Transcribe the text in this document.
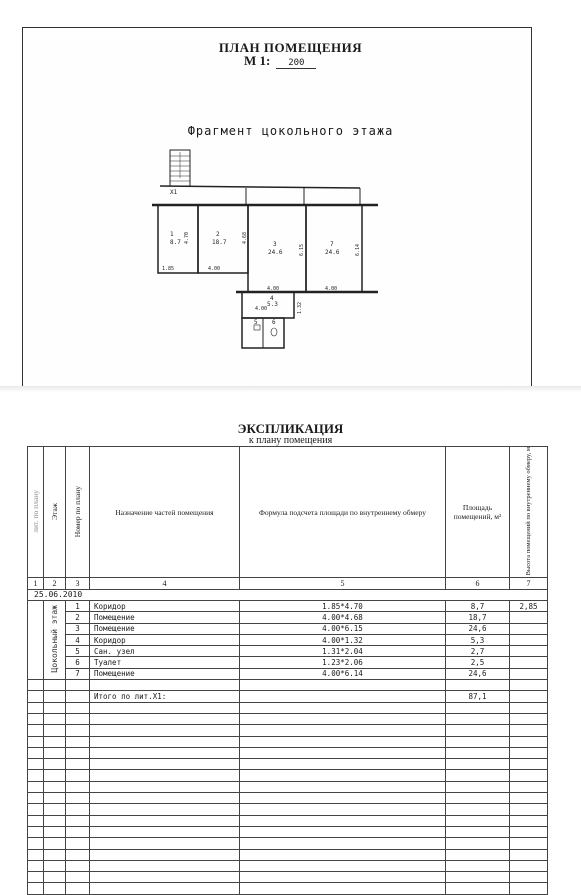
ПЛАН ПОМЕЩЕНИЯ
М 1: 200
Фрагмент цокольного этажа
Х1
1
8.7
2
18.7	3
24.6
7
24.6
4
5.3
5 6
1.85	4.00
4.00	4.00
4.00
4.70	4.68
6.15	6.14
1.32
ЭКСПЛИКАЦИЯ
к плану помещения
лит. по плану	Этаж	Номер по плану	Назначение частей помещения	Формула подсчета площади по внутреннему обмеру	Площадь помещений, м²	Высота помещений по внутреннему обмеру, м
1	2	3	4	5	6	7
25.06.2010						
	Цокольный этаж	1	Коридор	1.85*4.70	8,7	2,85
		2	Помещение	4.00*4.68	18,7	
		3	Помещение	4.00*6.15	24,6	
		4	Коридор	4.00*1.32	5,3	
		5	Сан. узел	1.31*2.04	2,7	
		6	Туалет	1.23*2.06	2,5	
		7	Помещение	4.00*6.14	24,6	

			Итого по лит.Х1:		87,1	
